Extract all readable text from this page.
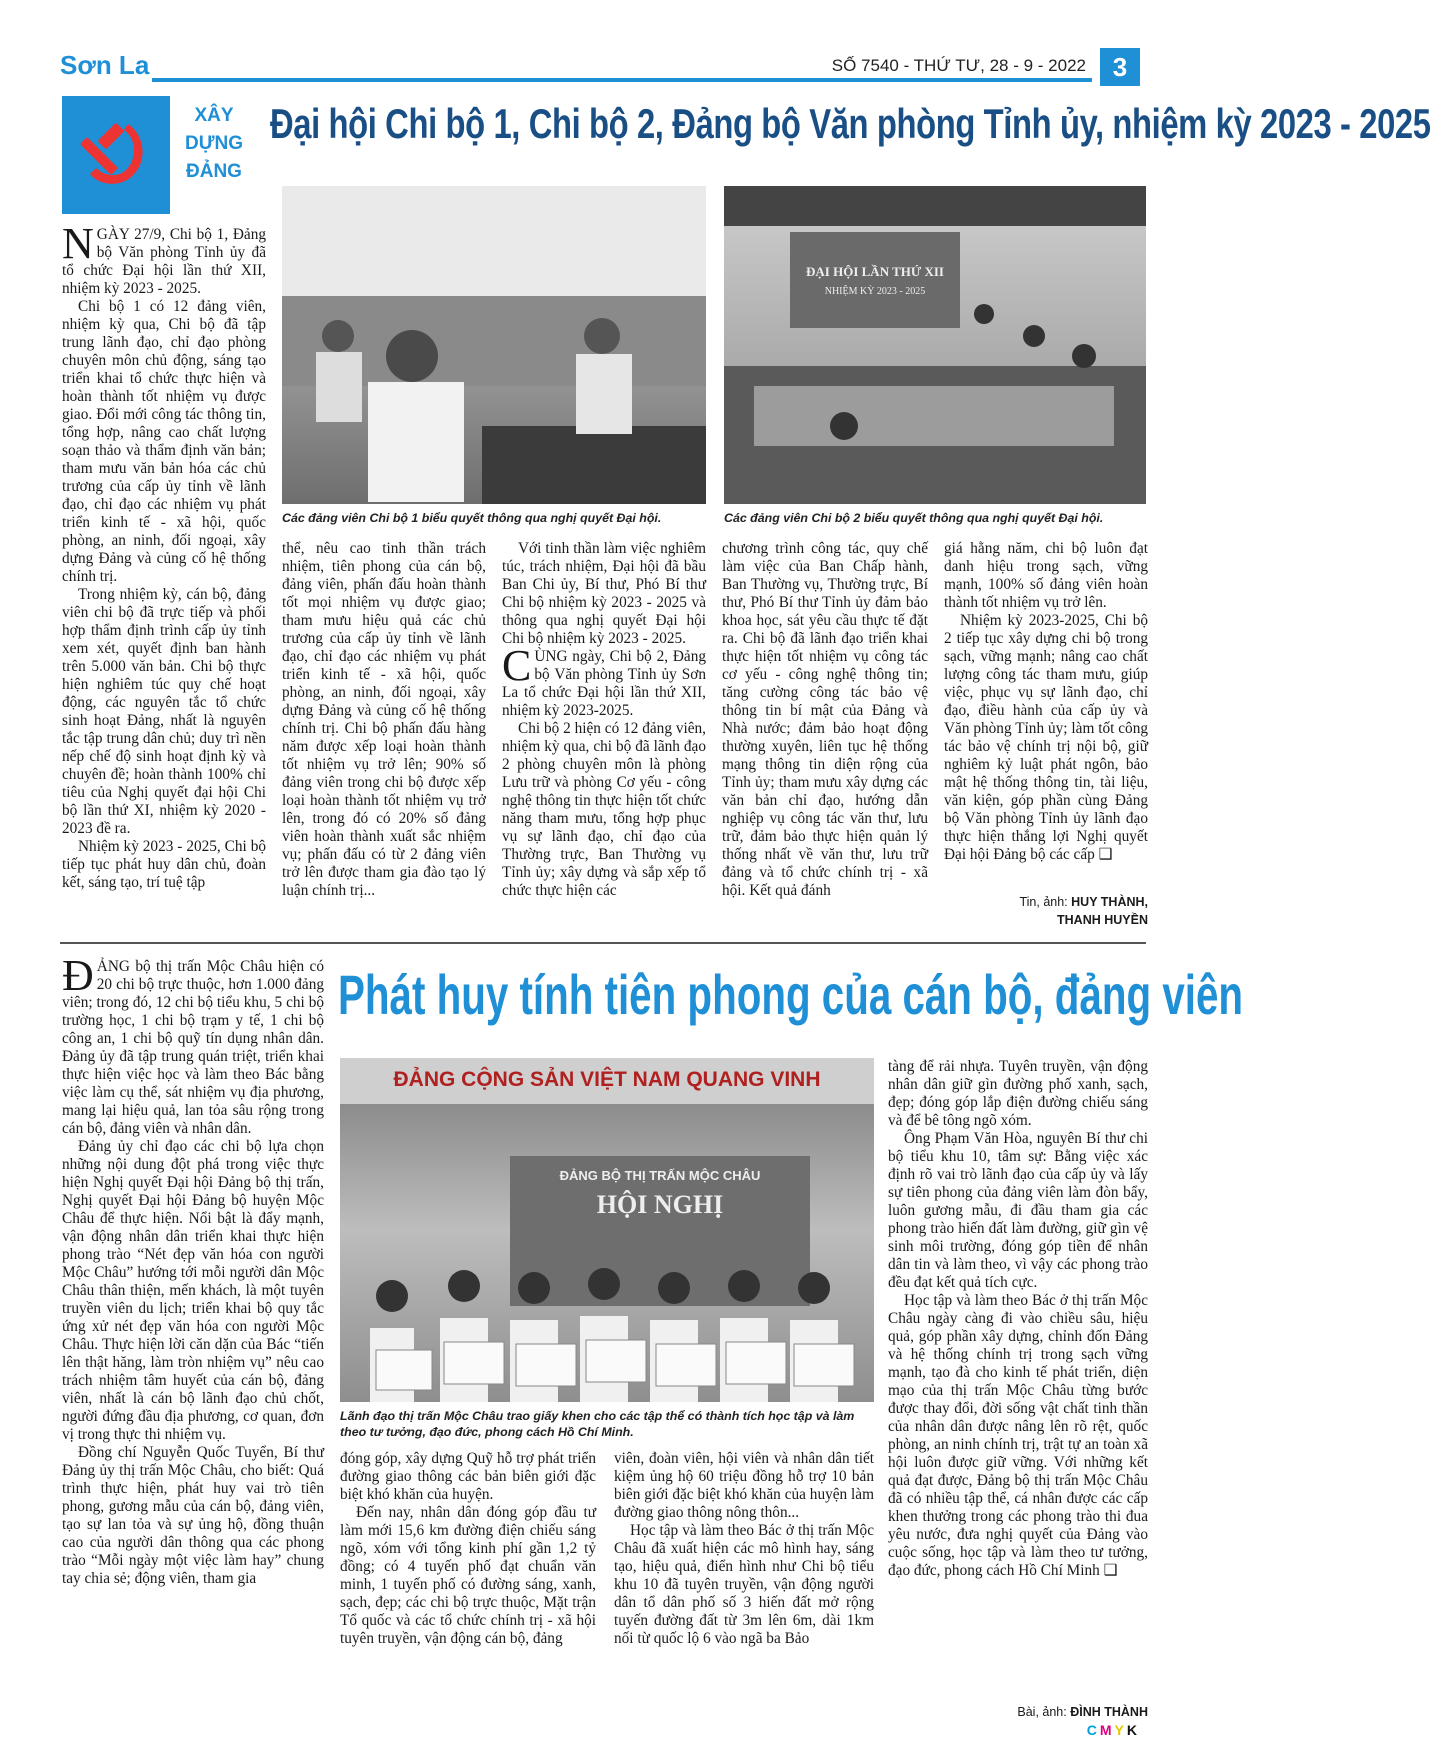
Sơn La	SỐ 7540 - THỨ TƯ, 28 - 9 - 2022	3
XÂY
DỰNG
ĐẢNG
Đại hội Chi bộ 1, Chi bộ 2, Đảng bộ Văn phòng Tỉnh ủy, nhiệm kỳ 2023 - 2025

NGÀY 27/9, Chi bộ 1, Đảng bộ Văn phòng Tỉnh ủy đã tổ chức Đại hội lần thứ XII, nhiệm kỳ 2023 - 2025.

Chi bộ 1 có 12 đảng viên, nhiệm kỳ qua, Chi bộ đã tập trung lãnh đạo, chỉ đạo phòng chuyên môn chủ động, sáng tạo triển khai tổ chức thực hiện và hoàn thành tốt nhiệm vụ được giao. Đổi mới công tác thông tin, tổng hợp, nâng cao chất lượng soạn thảo và thẩm định văn bản; tham mưu văn bản hóa các chủ trương của cấp ủy tỉnh về lãnh đạo, chỉ đạo các nhiệm vụ phát triển kinh tế - xã hội, quốc phòng, an ninh, đối ngoại, xây dựng Đảng và củng cố hệ thống chính trị.

Trong nhiệm kỳ, cán bộ, đảng viên chi bộ đã trực tiếp và phối hợp thẩm định trình cấp ủy tỉnh xem xét, quyết định ban hành trên 5.000 văn bản. Chi bộ thực hiện nghiêm túc quy chế hoạt động, các nguyên tắc tổ chức sinh hoạt Đảng, nhất là nguyên tắc tập trung dân chủ; duy trì nền nếp chế độ sinh hoạt định kỳ và chuyên đề; hoàn thành 100% chỉ tiêu của Nghị quyết đại hội Chi bộ lần thứ XI, nhiệm kỳ 2020 - 2023 đề ra.

Nhiệm kỳ 2023 - 2025, Chi bộ tiếp tục phát huy dân chủ, đoàn kết, sáng tạo, trí tuệ tập

Các đảng viên Chi bộ 1 biểu quyết thông qua nghị quyết Đại hội.
ĐẠI HỘI LẦN THỨ XII
NHIỆM KỲ 2023 - 2025
Các đảng viên Chi bộ 2 biểu quyết thông qua nghị quyết Đại hội.

thể, nêu cao tinh thần trách nhiệm, tiên phong của cán bộ, đảng viên, phấn đấu hoàn thành tốt mọi nhiệm vụ được giao; tham mưu hiệu quả các chủ trương của cấp ủy tỉnh về lãnh đạo, chỉ đạo các nhiệm vụ phát triển kinh tế - xã hội, quốc phòng, an ninh, đối ngoại, xây dựng Đảng và củng cố hệ thống chính trị. Chi bộ phấn đấu hàng năm được xếp loại hoàn thành tốt nhiệm vụ trở lên; 90% số đảng viên trong chi bộ được xếp loại hoàn thành tốt nhiệm vụ trở lên, trong đó có 20% số đảng viên hoàn thành xuất sắc nhiệm vụ; phấn đấu có từ 2 đảng viên trở lên được tham gia đào tạo lý luận chính trị...

Với tinh thần làm việc nghiêm túc, trách nhiệm, Đại hội đã bầu Ban Chi ủy, Bí thư, Phó Bí thư Chi bộ nhiệm kỳ 2023 - 2025 và thông qua nghị quyết Đại hội Chi bộ nhiệm kỳ 2023 - 2025.

CÙNG ngày, Chi bộ 2, Đảng bộ Văn phòng Tỉnh ủy Sơn La tổ chức Đại hội lần thứ XII, nhiệm kỳ 2023-2025.

Chi bộ 2 hiện có 12 đảng viên, nhiệm kỳ qua, chi bộ đã lãnh đạo 2 phòng chuyên môn là phòng Lưu trữ và phòng Cơ yếu - công nghệ thông tin thực hiện tốt chức năng tham mưu, tổng hợp phục vụ sự lãnh đạo, chỉ đạo của Thường trực, Ban Thường vụ Tỉnh ủy; xây dựng và sắp xếp tổ chức thực hiện các

chương trình công tác, quy chế làm việc của Ban Chấp hành, Ban Thường vụ, Thường trực, Bí thư, Phó Bí thư Tỉnh ủy đảm bảo khoa học, sát yêu cầu thực tế đặt ra. Chi bộ đã lãnh đạo triển khai thực hiện tốt nhiệm vụ công tác cơ yếu - công nghệ thông tin; tăng cường công tác bảo vệ thông tin bí mật của Đảng và Nhà nước; đảm bảo hoạt động thường xuyên, liên tục hệ thống mạng thông tin diện rộng của Tỉnh ủy; tham mưu xây dựng các văn bản chỉ đạo, hướng dẫn nghiệp vụ công tác văn thư, lưu trữ, đảm bảo thực hiện quản lý thống nhất về văn thư, lưu trữ đảng và tổ chức chính trị - xã hội. Kết quả đánh

giá hằng năm, chi bộ luôn đạt danh hiệu trong sạch, vững mạnh, 100% số đảng viên hoàn thành tốt nhiệm vụ trở lên.

Nhiệm kỳ 2023-2025, Chi bộ 2 tiếp tục xây dựng chi bộ trong sạch, vững mạnh; nâng cao chất lượng công tác tham mưu, giúp việc, phục vụ sự lãnh đạo, chỉ đạo, điều hành của cấp ủy và Văn phòng Tỉnh ủy; làm tốt công tác bảo vệ chính trị nội bộ, giữ nghiêm kỷ luật phát ngôn, bảo mật hệ thống thông tin, tài liệu, văn kiện, góp phần cùng Đảng bộ Văn phòng Tỉnh ủy lãnh đạo thực hiện thắng lợi Nghị quyết Đại hội Đảng bộ các cấp ❑

Tin, ảnh: HUY THÀNH,
THANH HUYỀN

ĐẢNG bộ thị trấn Mộc Châu hiện có 20 chi bộ trực thuộc, hơn 1.000 đảng viên; trong đó, 12 chi bộ tiểu khu, 5 chi bộ trường học, 1 chi bộ trạm y tế, 1 chi bộ công an, 1 chi bộ quỹ tín dụng nhân dân. Đảng ủy đã tập trung quán triệt, triển khai thực hiện việc học và làm theo Bác bằng việc làm cụ thể, sát nhiệm vụ địa phương, mang lại hiệu quả, lan tỏa sâu rộng trong cán bộ, đảng viên và nhân dân.

Đảng ủy chỉ đạo các chi bộ lựa chọn những nội dung đột phá trong việc thực hiện Nghị quyết Đại hội Đảng bộ thị trấn, Nghị quyết Đại hội Đảng bộ huyện Mộc Châu để thực hiện. Nổi bật là đẩy mạnh, vận động nhân dân triển khai thực hiện phong trào “Nét đẹp văn hóa con người Mộc Châu” hướng tới mỗi người dân Mộc Châu thân thiện, mến khách, là một tuyên truyền viên du lịch; triển khai bộ quy tắc ứng xử nét đẹp văn hóa con người Mộc Châu. Thực hiện lời căn dặn của Bác “tiến lên thật hăng, làm tròn nhiệm vụ” nêu cao trách nhiệm tâm huyết của cán bộ, đảng viên, nhất là cán bộ lãnh đạo chủ chốt, người đứng đầu địa phương, cơ quan, đơn vị trong thực thi nhiệm vụ.

Đồng chí Nguyễn Quốc Tuyển, Bí thư Đảng ủy thị trấn Mộc Châu, cho biết: Quá trình thực hiện, phát huy vai trò tiên phong, gương mẫu của cán bộ, đảng viên, tạo sự lan tỏa và sự ủng hộ, đồng thuận cao của người dân thông qua các phong trào “Mỗi ngày một việc làm hay” chung tay chia sẻ; động viên, tham gia

Phát huy tính tiên phong của cán bộ, đảng viên
ĐẢNG CỘNG SẢN VIỆT NAM QUANG VINH
ĐẢNG BỘ THỊ TRẤN MỘC CHÂU
HỘI NGHỊ
Lãnh đạo thị trấn Mộc Châu trao giấy khen cho các tập thể có thành tích học tập và làm theo tư tưởng, đạo đức, phong cách Hồ Chí Minh.

đóng góp, xây dựng Quỹ hỗ trợ phát triển đường giao thông các bản biên giới đặc biệt khó khăn của huyện.

Đến nay, nhân dân đóng góp đầu tư làm mới 15,6 km đường điện chiếu sáng ngõ, xóm với tổng kinh phí gần 1,2 tỷ đồng; có 4 tuyến phố đạt chuẩn văn minh, 1 tuyến phố có đường sáng, xanh, sạch, đẹp; các chi bộ trực thuộc, Mặt trận Tổ quốc và các tổ chức chính trị - xã hội tuyên truyền, vận động cán bộ, đảng

viên, đoàn viên, hội viên và nhân dân tiết kiệm ủng hộ 60 triệu đồng hỗ trợ 10 bản biên giới đặc biệt khó khăn của huyện làm đường giao thông nông thôn...

Học tập và làm theo Bác ở thị trấn Mộc Châu đã xuất hiện các mô hình hay, sáng tạo, hiệu quả, điển hình như Chi bộ tiểu khu 10 đã tuyên truyền, vận động người dân tổ dân phố số 3 hiến đất mở rộng tuyến đường đất từ 3m lên 6m, dài 1km nối từ quốc lộ 6 vào ngã ba Bảo

tàng để rải nhựa. Tuyên truyền, vận động nhân dân giữ gìn đường phố xanh, sạch, đẹp; đóng góp lắp điện đường chiếu sáng và để bê tông ngõ xóm.

Ông Phạm Văn Hòa, nguyên Bí thư chi bộ tiểu khu 10, tâm sự: Bằng việc xác định rõ vai trò lãnh đạo của cấp ủy và lấy sự tiên phong của đảng viên làm đòn bẩy, luôn gương mẫu, đi đầu tham gia các phong trào hiến đất làm đường, giữ gìn vệ sinh môi trường, đóng góp tiền để nhân dân tin và làm theo, vì vậy các phong trào đều đạt kết quả tích cực.

Học tập và làm theo Bác ở thị trấn Mộc Châu ngày càng đi vào chiều sâu, hiệu quả, góp phần xây dựng, chỉnh đốn Đảng và hệ thống chính trị trong sạch vững mạnh, tạo đà cho kinh tế phát triển, diện mạo của thị trấn Mộc Châu từng bước được thay đổi, đời sống vật chất tinh thần của nhân dân được nâng lên rõ rệt, quốc phòng, an ninh chính trị, trật tự an toàn xã hội luôn được giữ vững. Với những kết quả đạt được, Đảng bộ thị trấn Mộc Châu đã có nhiều tập thể, cá nhân được các cấp khen thưởng trong các phong trào thi đua yêu nước, đưa nghị quyết của Đảng vào cuộc sống, học tập và làm theo tư tưởng, đạo đức, phong cách Hồ Chí Minh ❑

Bài, ảnh: ĐÌNH THÀNH
CMYK
